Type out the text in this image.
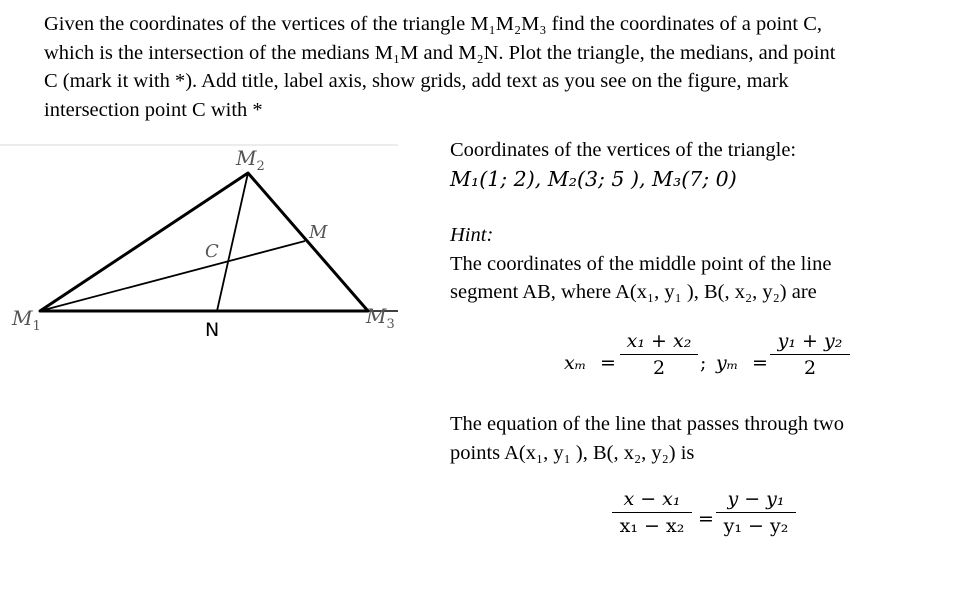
Given the coordinates of the vertices of the triangle M₁M₂M₃ find the coordinates of a point C,
which is the intersection of the medians M₁M and M₂N. Plot the triangle, the medians, and point
C (mark it with *). Add title, label axis, show grids, add text as you see on the figure, mark
intersection point C with *
$M_1$
$M_2$
$M_3$
M
C
N
Coordinates of the vertices of the triangle:
M₁(1; 2), M₂(3; 5 ), M₃(7; 0)
Hint:
The coordinates of the middle point of the line
segment AB, where A(x₁, y₁ ), B(, x₂, y₂) are
xₘ =
x₁ + x₂
2	; yₘ =
y₁ + y₂
2
The equation of the line that passes through two
points A(x₁, y₁ ), B(, x₂, y₂) is
x − x₁
x₁ − x₂ =
y − y₁
y₁ − y₂
